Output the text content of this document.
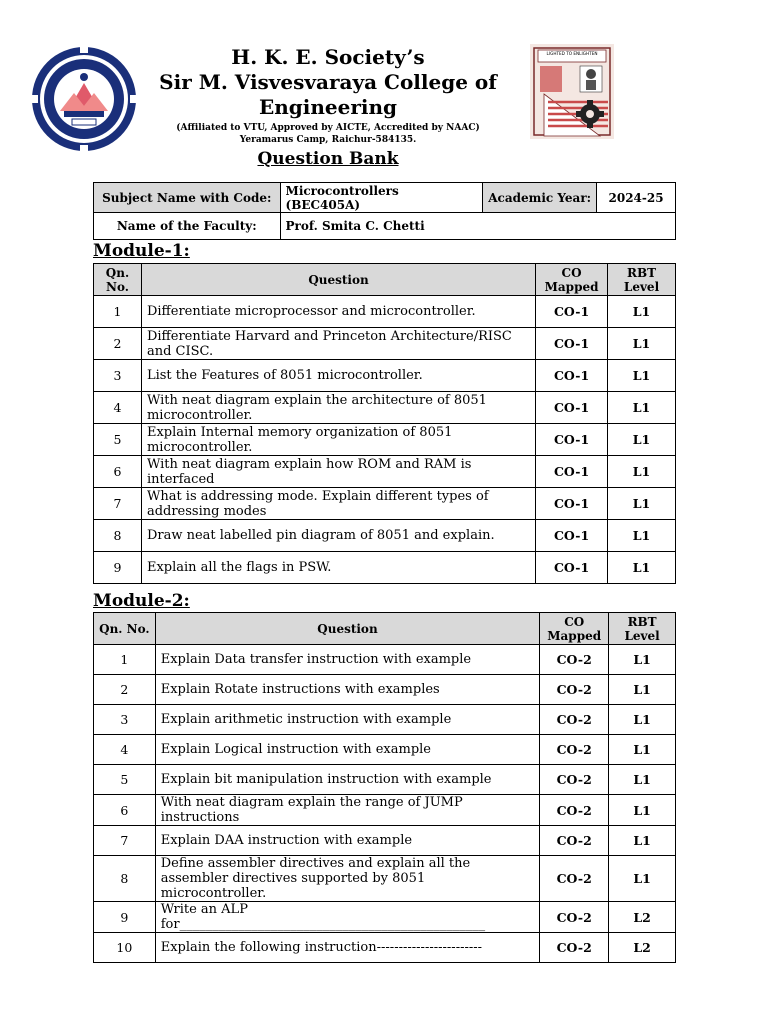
H. K. E. Society’s
Sir M. Visvesvaraya College of
Engineering
(Affiliated to VTU, Approved by AICTE, Accredited by NAAC)
Yeramarus Camp, Raichur-584135.
LIGHTED TO ENLIGHTEN
Question Bank
Subject Name with Code:	Microcontrollers (BEC405A)	Academic Year:	2024-25
Name of the Faculty:	Prof. Smita C. Chetti		
Module-1:
Qn. No.	Question	CO Mapped	RBT Level
1	Differentiate microprocessor and microcontroller.	CO-1	L1
2	Differentiate Harvard and Princeton Architecture/RISC and CISC.	CO-1	L1
3	List the Features of 8051 microcontroller.	CO-1	L1
4	With neat diagram explain the architecture of 8051 microcontroller.	CO-1	L1
5	Explain Internal memory organization of 8051 microcontroller.	CO-1	L1
6	With neat diagram explain how ROM and RAM is interfaced	CO-1	L1
7	What is addressing mode. Explain different types of addressing modes	CO-1	L1
8	Draw neat labelled pin diagram of 8051 and explain.	CO-1	L1
9	Explain all the flags in PSW.	CO-1	L1
Module-2:
Qn. No.	Question	CO Mapped	RBT Level
1	Explain Data transfer instruction with example	CO-2	L1
2	Explain Rotate instructions with examples	CO-2	L1
3	Explain arithmetic instruction with example	CO-2	L1
4	Explain Logical instruction with example	CO-2	L1
5	Explain bit manipulation instruction with example	CO-2	L1
6	With neat diagram explain the range of JUMP instructions	CO-2	L1
7	Explain DAA instruction with example	CO-2	L1
8	Define assembler directives and explain all the assembler directives supported by 8051 microcontroller.	CO-2	L1
9	Write an ALP for_______________________________________________	CO-2	L2
10	Explain the following instruction------------------------	CO-2	L2
